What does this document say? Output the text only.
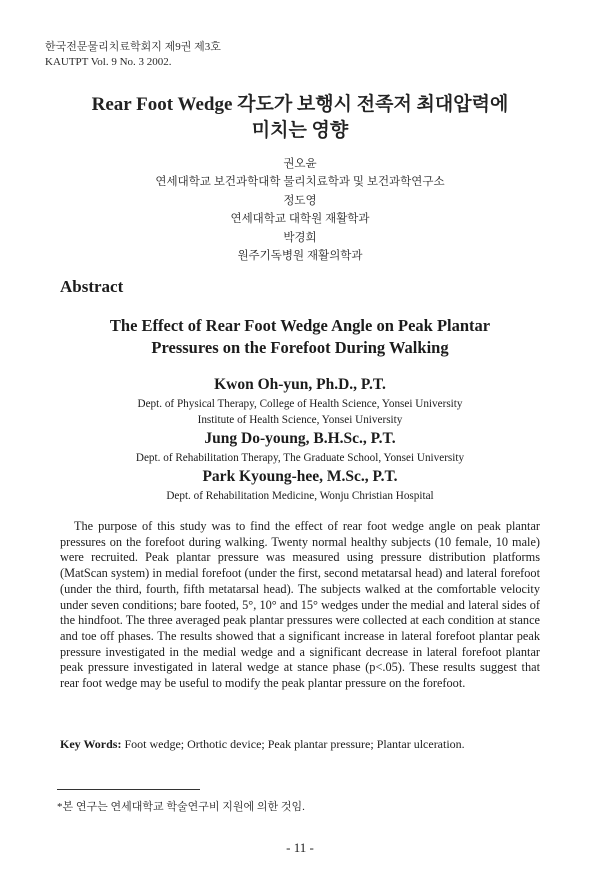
한국전문물리치료학회지 제9권 제3호
KAUTPT Vol. 9 No. 3 2002.
Rear Foot Wedge 각도가 보행시 전족저 최대압력에
미치는 영향
권오윤
연세대학교 보건과학대학 물리치료학과 및 보건과학연구소
정도영
연세대학교 대학원 재활학과
박경희
원주기독병원 재활의학과
Abstract
The Effect of Rear Foot Wedge Angle on Peak Plantar
Pressures on the Forefoot During Walking
Kwon Oh-yun, Ph.D., P.T.
Dept. of Physical Therapy, College of Health Science, Yonsei University
Institute of Health Science, Yonsei University
Jung Do-young, B.H.Sc., P.T.
Dept. of Rehabilitation Therapy, The Graduate School, Yonsei University
Park Kyoung-hee, M.Sc., P.T.
Dept. of Rehabilitation Medicine, Wonju Christian Hospital

The purpose of this study was to find the effect of rear foot wedge angle on peak plantar pressures on the forefoot during walking. Twenty normal healthy subjects (10 female, 10 male) were recruited. Peak plantar pressure was measured using pressure distribution platforms (MatScan system) in medial forefoot (under the first, second metatarsal head) and lateral forefoot (under the third, fourth, fifth metatarsal head). The subjects walked at the comfortable velocity under seven conditions; bare footed, 5°, 10° and 15° wedges under the medial and lateral sides of the hindfoot. The three averaged peak plantar pressures were collected at each condition at stance and toe off phases. The results showed that a significant increase in lateral forefoot plantar peak pressure investigated in the medial wedge and a significant decrease in lateral forefoot plantar peak pressure investigated in lateral wedge at stance phase (p<.05). These results suggest that rear foot wedge may be useful to modify the peak plantar pressure on the forefoot.

Key Words: Foot wedge; Orthotic device; Peak plantar pressure; Plantar ulceration.
*본 연구는 연세대학교 학술연구비 지원에 의한 것임.
- 11 -
